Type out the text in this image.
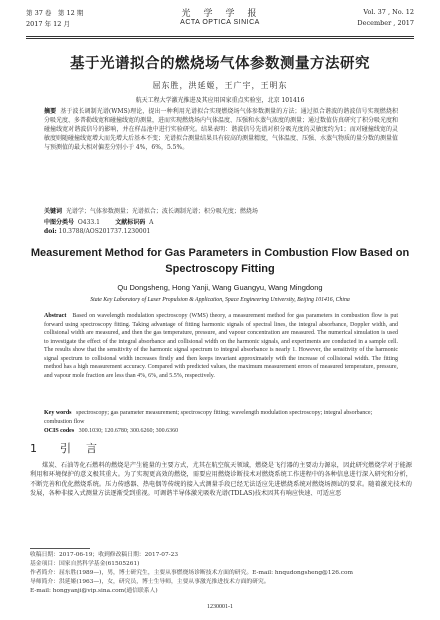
第 37 卷　第 12 期
2017 年 12 月
光　学　学　报
ACTA OPTICA SINICA
Vol. 37 , No. 12
December , 2017
基于光谱拟合的燃烧场气体参数测量方法研究
屈东胜，洪延姬，王广宇，王明东
航天工程大学激光推进及其应用国家重点实验室，北京 101416
摘要 基于波长调制光谱(WMS)理论，提出一种利用光谱拟合实现燃烧场气体参数测量的方法；通过拟合谐波的谐波信号实现燃烧积分吸光度、多普勒线宽和碰撞线宽的测量，进而实现燃烧场内气体温度、压强和水蒸气浓度的测量；通过数值仿真研究了积分吸光度和碰撞线宽对谐波信号的影响，并在样品池中进行实验研究。结果表明：谐波信号先谱对积分吸光度的灵敏度约为1；而对碰撞线宽的灵敏度则随碰撞线宽增大而先增大后基本不变；光谱拟合测量结果具有较高的测量精度，气体温度、压强、水蒸气物质的量分数的测量值与预测值的最大相对偏差分别小于 4%，6%，5.5%。
关键词 光谱学；气体参数测量；光谱拟合；波长调制光谱；积分吸光度；燃烧场
中图分类号 O433.1	文献标识码 A
doi: 10.3788/AOS201737.1230001
Measurement Method for Gas Parameters in Combustion Flow Based on Spectroscopy Fitting
Qu Dongsheng, Hong Yanji, Wang Guangyu, Wang Mingdong
State Key Laboratory of Laser Propulsion & Application, Space Engineering University, Beijing 101416, China
Abstract Based on wavelength modulation spectroscopy (WMS) theory, a measurement method for gas parameters in combustion flow is put forward using spectroscopy fitting. Taking advantage of fitting harmonic signals of spectral lines, the integral absorbance, Doppler width, and collisional width are measured, and then the gas temperature, pressure, and vapour concentration are measured. The numerical simulation is used to investigate the effect of the integral absorbance and collisional width on the harmonic signals, and experiments are conducted in a sample cell. The results show that the sensitivity of the harmonic signal spectrum to integral absorbance is nearly 1. However, the sensitivity of the harmonic signal spectrum to collisional width increases firstly and then keeps invariant approximately with the increase of collisional width. The fitting method has a high measurement accuracy. Compared with predicted values, the maximum measurement errors of measured temperature, pressure, and vapour mole fraction are less than 4%, 6%, and 5.5%, respectively.
Key words spectroscopy; gas parameter measurement; spectroscopy fitting; wavelength modulation spectroscopy; integral absorbance; combustion flow
OCIS codes 300.1030; 120.6780; 300.6260; 300.6360
1 引　言
煤炭、石油等化石燃料的燃烧是产生能量的主要方式，尤其在航空航天领域，燃烧是飞行器的主要动力源泉，因此研究燃烧学对于能源利用和环境保护的意义极其重大。为了实现更高效的燃烧，需要应用燃烧诊断技术对燃烧系统工作进程中的各种信息进行深入研究和分析，不断完善和优化燃烧系统。压力传感器、热电偶等传统的接入式测量手段已经无法适应先进燃烧系统对燃烧场测试的要求。随着激光技术的发展，各种非接入式测量方法逐渐受到重视。可调谐半导体激光吸收光谱(TDLAS)技术因其有响应快速、可适应恶
收稿日期：2017-06-19；收到修改稿日期：2017-07-23
基金项目：国家自然科学基金(61505261)
作者简介：屈东胜(1989—)，男，博士研究生，主要从事燃烧场诊断技术方面的研究。E-mail: hnqudongsheng@126.com
导师简介：洪延姬(1963—)，女，研究员，博士生导师，主要从事激光推进技术方面的研究。
E-mail: hongyanji@vip.sina.com(通信联系人)
1230001-1
